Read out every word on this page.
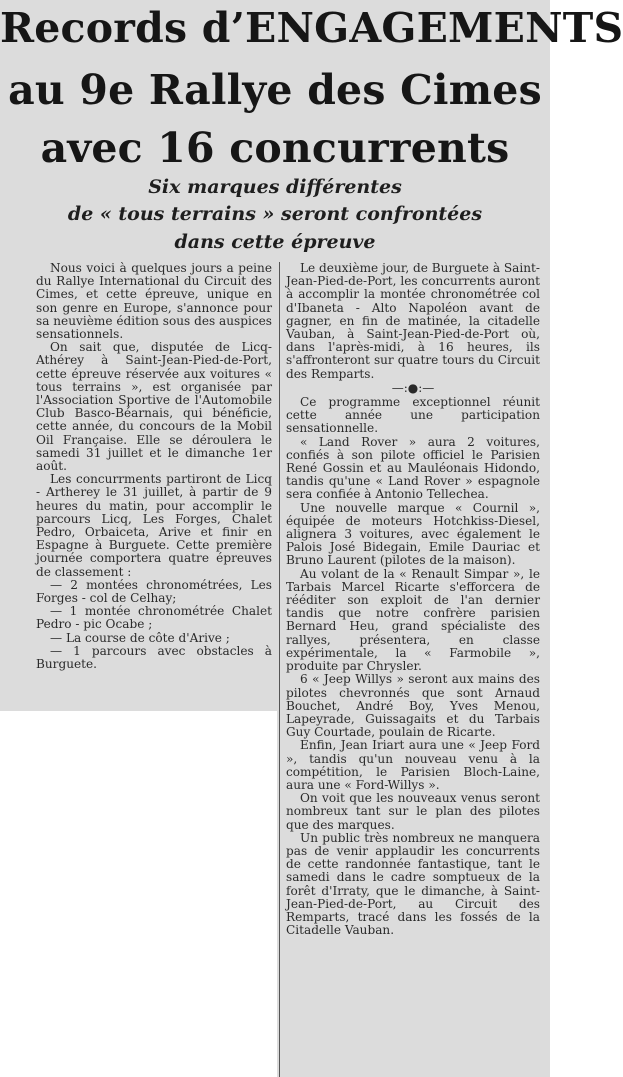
Records d’ENGAGEMENTS
au 9e Rallye des Cimes
avec 16 concurrents
Six marques différentes
de « tous terrains » seront confrontées
dans cette épreuve

Nous voici à quelques jours a peine du Rallye International du Circuit des Cimes, et cette épreuve, unique en son genre en Europe, s'annonce pour sa neuvième édition sous des auspices sensationnels.

On sait que, disputée de Licq-Athérey à Saint-Jean-Pied-de-Port, cette épreuve réservée aux voitures « tous terrains », est organisée par l'Association Sportive de l'Automobile Club Basco-Béarnais, qui bénéficie, cette année, du concours de la Mobil Oil Française. Elle se déroulera le samedi 31 juillet et le dimanche 1er août.

Les concurrments partiront de Licq - Artherey le 31 juillet, à partir de 9 heures du matin, pour accomplir le parcours Licq, Les Forges, Chalet Pedro, Orbaiceta, Arive et finir en Espagne à Burguete. Cette première journée comportera quatre épreuves de classement :

— 2 montées chronométrées, Les Forges - col de Celhay;

— 1 montée chronométrée Chalet Pedro - pic Ocabe ;

— La course de côte d'Arive ;

— 1 parcours avec obstacles à Burguete.

Le deuxième jour, de Burguete à Saint-Jean-Pied-de-Port, les concurrents auront à accomplir la montée chronométrée col d'Ibaneta - Alto Napoléon avant de gagner, en fin de matinée, la citadelle Vauban, à Saint-Jean-Pied-de-Port où, dans l'après-midi, à 16 heures, ils s'affronteront sur quatre tours du Circuit des Remparts.

—:●:—

Ce programme exceptionnel réunit cette année une participation sensationnelle.

« Land Rover » aura 2 voitures, confiés à son pilote officiel le Parisien René Gossin et au Mauléonais Hidondo, tandis qu'une « Land Rover » espagnole sera confiée à Antonio Tellechea.

Une nouvelle marque « Cournil », équipée de moteurs Hotchkiss-Diesel, alignera 3 voitures, avec également le Palois José Bidegain, Emile Dauriac et Bruno Laurent (pilotes de la maison).

Au volant de la « Renault Simpar », le Tarbais Marcel Ricarte s'efforcera de rééditer son exploit de l'an dernier tandis que notre confrère parisien Bernard Heu, grand spécialiste des rallyes, présentera, en classe expérimentale, la « Farmobile », produite par Chrysler.

6 « Jeep Willys » seront aux mains des pilotes chevronnés que sont Arnaud Bouchet, André Boy, Yves Menou, Lapeyrade, Guissagaits et du Tarbais Guy Courtade, poulain de Ricarte.

Enfin, Jean Iriart aura une « Jeep Ford », tandis qu'un nouveau venu à la compétition, le Parisien Bloch-Laine, aura une « Ford-Willys ».

On voit que les nouveaux venus seront nombreux tant sur le plan des pilotes que des marques.

Un public très nombreux ne manquera pas de venir applaudir les concurrents de cette randonnée fantastique, tant le samedi dans le cadre somptueux de la forêt d'Irraty, que le dimanche, à Saint-Jean-Pied-de-Port, au Circuit des Remparts, tracé dans les fossés de la Citadelle Vauban.
